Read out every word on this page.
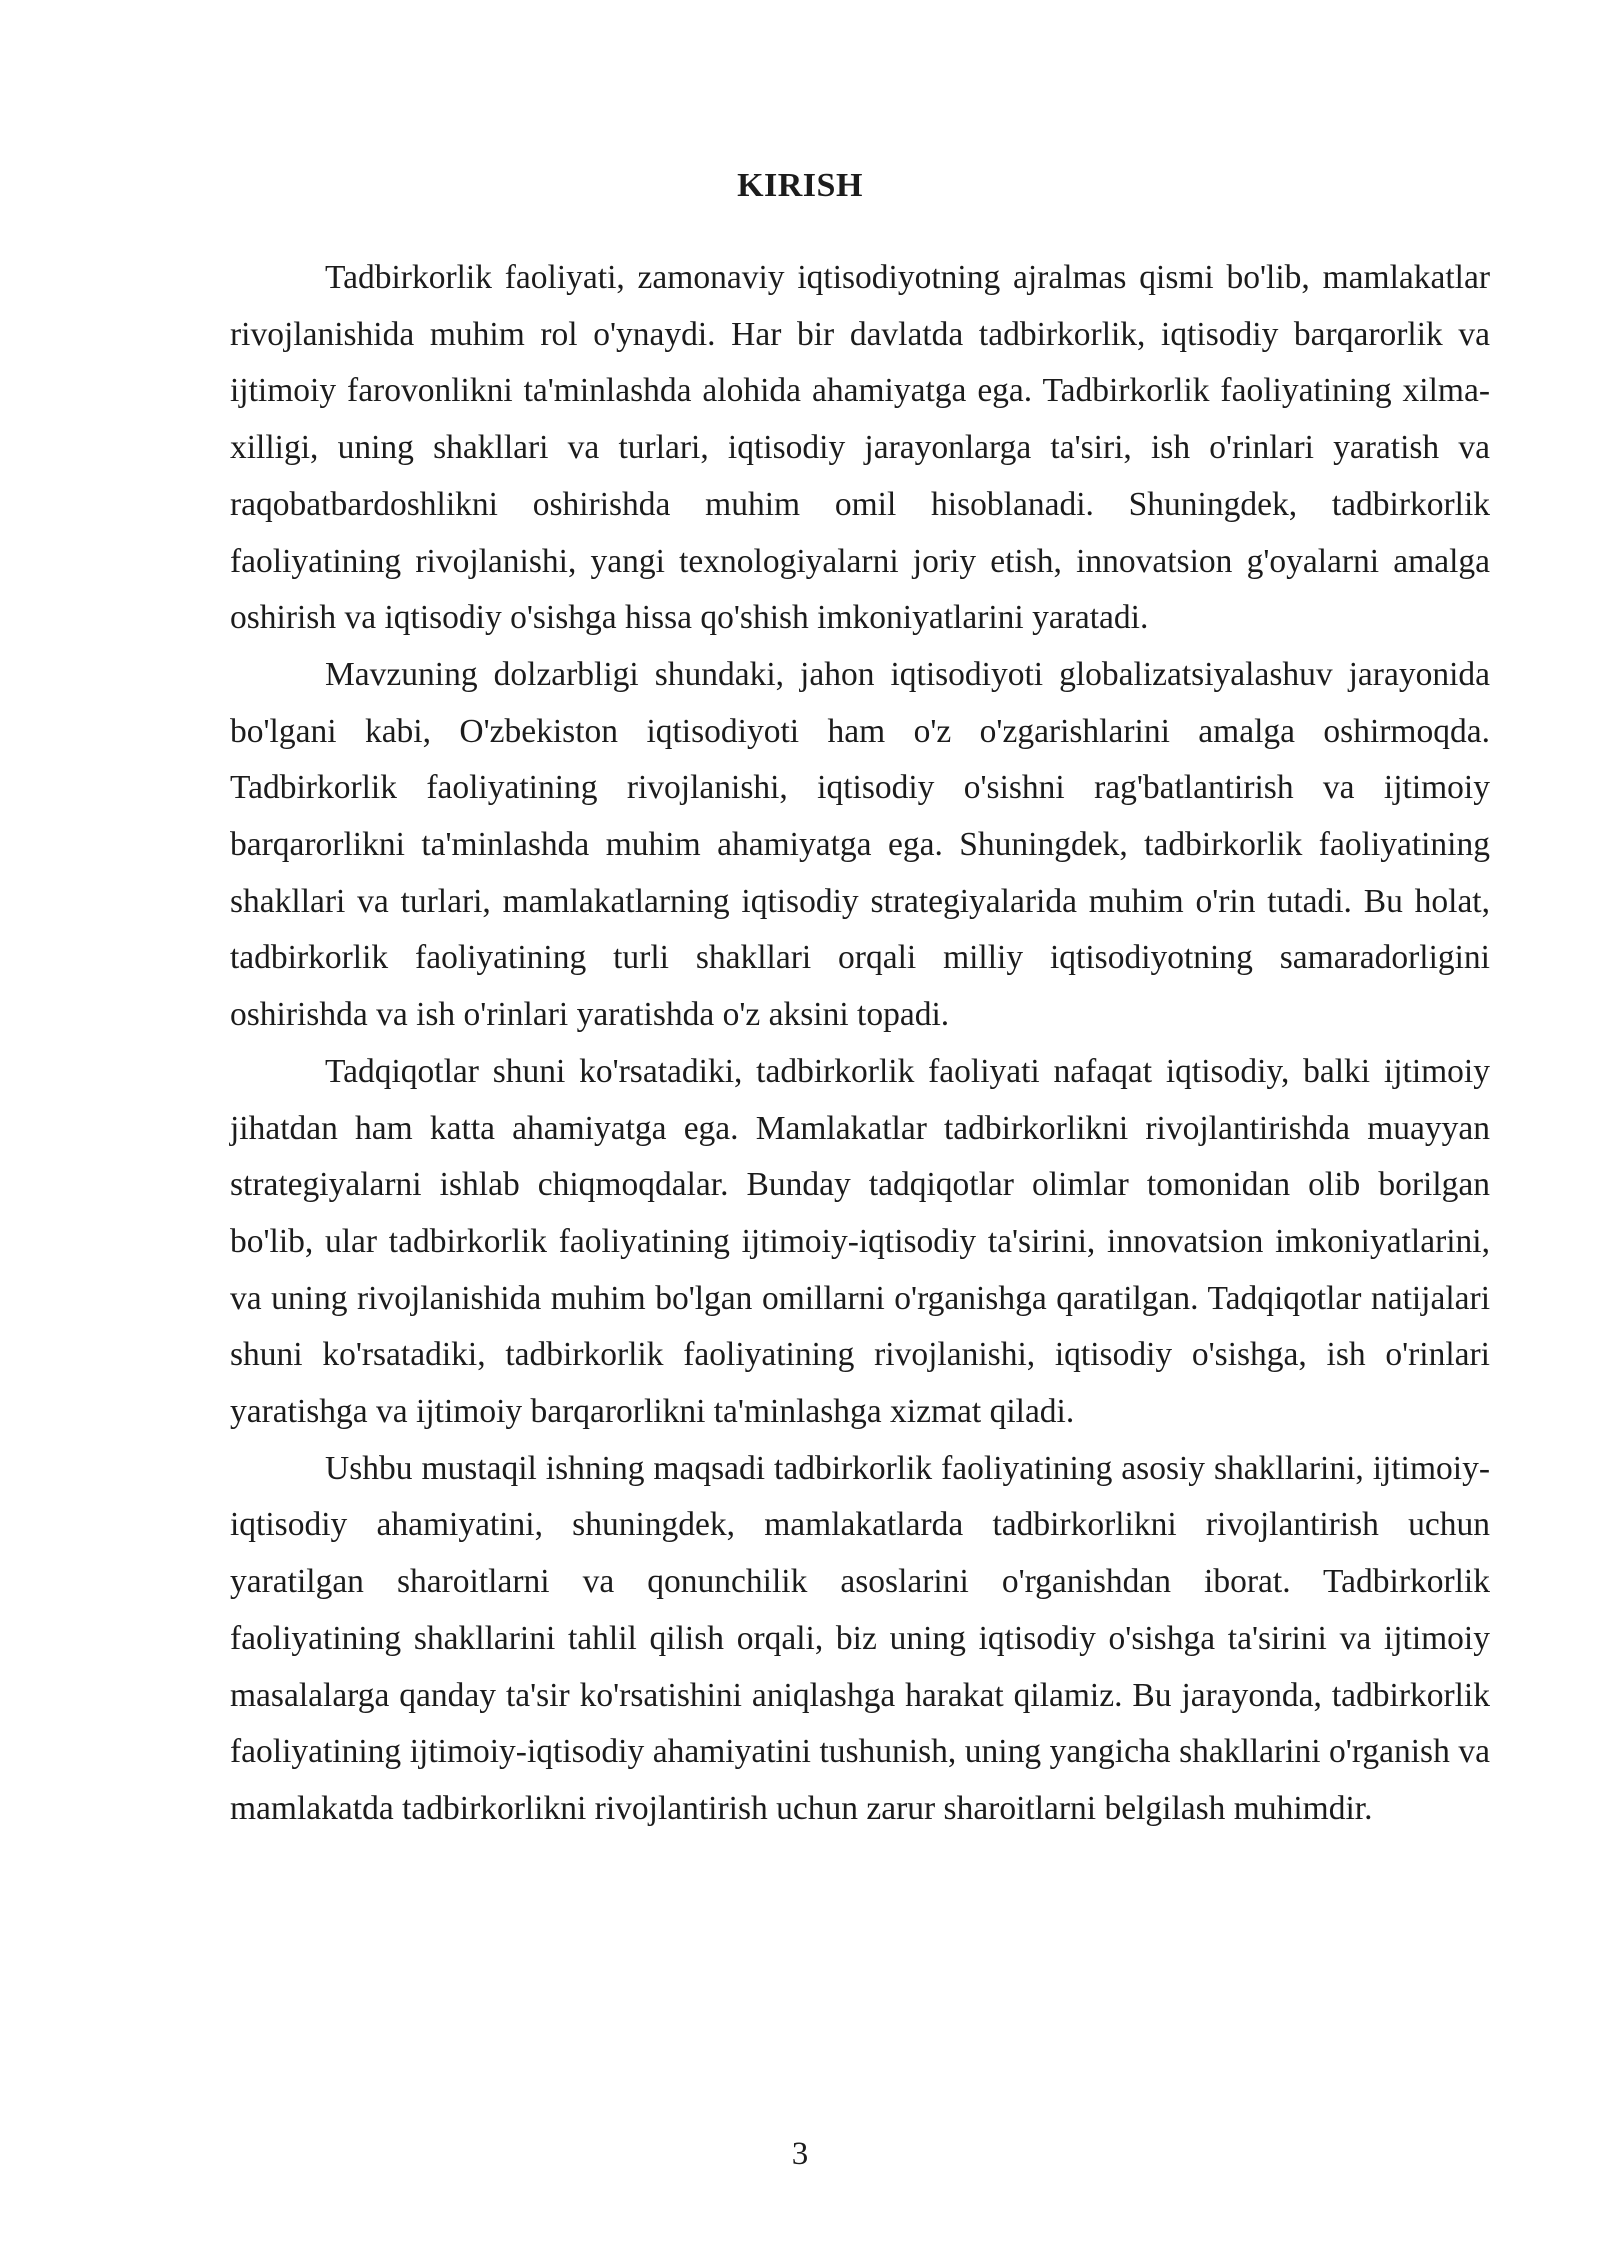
KIRISH

Tadbirkorlik faoliyati, zamonaviy iqtisodiyotning ajralmas qismi bo'lib, mamlakatlar rivojlanishida muhim rol o'ynaydi. Har bir davlatda tadbirkorlik, iqtisodiy barqarorlik va ijtimoiy farovonlikni ta'minlashda alohida ahamiyatga ega. Tadbirkorlik faoliyatining xilma-xilligi, uning shakllari va turlari, iqtisodiy jarayonlarga ta'siri, ish o'rinlari yaratish va raqobatbardoshlikni oshirishda muhim omil hisoblanadi. Shuningdek, tadbirkorlik faoliyatining rivojlanishi, yangi texnologiyalarni joriy etish, innovatsion g'oyalarni amalga oshirish va iqtisodiy o'sishga hissa qo'shish imkoniyatlarini yaratadi.

Mavzuning dolzarbligi shundaki, jahon iqtisodiyoti globalizatsiyalashuv jarayonida bo'lgani kabi, O'zbekiston iqtisodiyoti ham o'z o'zgarishlarini amalga oshirmoqda. Tadbirkorlik faoliyatining rivojlanishi, iqtisodiy o'sishni rag'batlantirish va ijtimoiy barqarorlikni ta'minlashda muhim ahamiyatga ega. Shuningdek, tadbirkorlik faoliyatining shakllari va turlari, mamlakatlarning iqtisodiy strategiyalarida muhim o'rin tutadi. Bu holat, tadbirkorlik faoliyatining turli shakllari orqali milliy iqtisodiyotning samaradorligini oshirishda va ish o'rinlari yaratishda o'z aksini topadi.

Tadqiqotlar shuni ko'rsatadiki, tadbirkorlik faoliyati nafaqat iqtisodiy, balki ijtimoiy jihatdan ham katta ahamiyatga ega. Mamlakatlar tadbirkorlikni rivojlantirishda muayyan strategiyalarni ishlab chiqmoqdalar. Bunday tadqiqotlar olimlar tomonidan olib borilgan bo'lib, ular tadbirkorlik faoliyatining ijtimoiy-iqtisodiy ta'sirini, innovatsion imkoniyatlarini, va uning rivojlanishida muhim bo'lgan omillarni o'rganishga qaratilgan. Tadqiqotlar natijalari shuni ko'rsatadiki, tadbirkorlik faoliyatining rivojlanishi, iqtisodiy o'sishga, ish o'rinlari yaratishga va ijtimoiy barqarorlikni ta'minlashga xizmat qiladi.

Ushbu mustaqil ishning maqsadi tadbirkorlik faoliyatining asosiy shakllarini, ijtimoiy-iqtisodiy ahamiyatini, shuningdek, mamlakatlarda tadbirkorlikni rivojlantirish uchun yaratilgan sharoitlarni va qonunchilik asoslarini o'rganishdan iborat. Tadbirkorlik faoliyatining shakllarini tahlil qilish orqali, biz uning iqtisodiy o'sishga ta'sirini va ijtimoiy masalalarga qanday ta'sir ko'rsatishini aniqlashga harakat qilamiz. Bu jarayonda, tadbirkorlik faoliyatining ijtimoiy-iqtisodiy ahamiyatini tushunish, uning yangicha shakllarini o'rganish va mamlakatda tadbirkorlikni rivojlantirish uchun zarur sharoitlarni belgilash muhimdir.

3
